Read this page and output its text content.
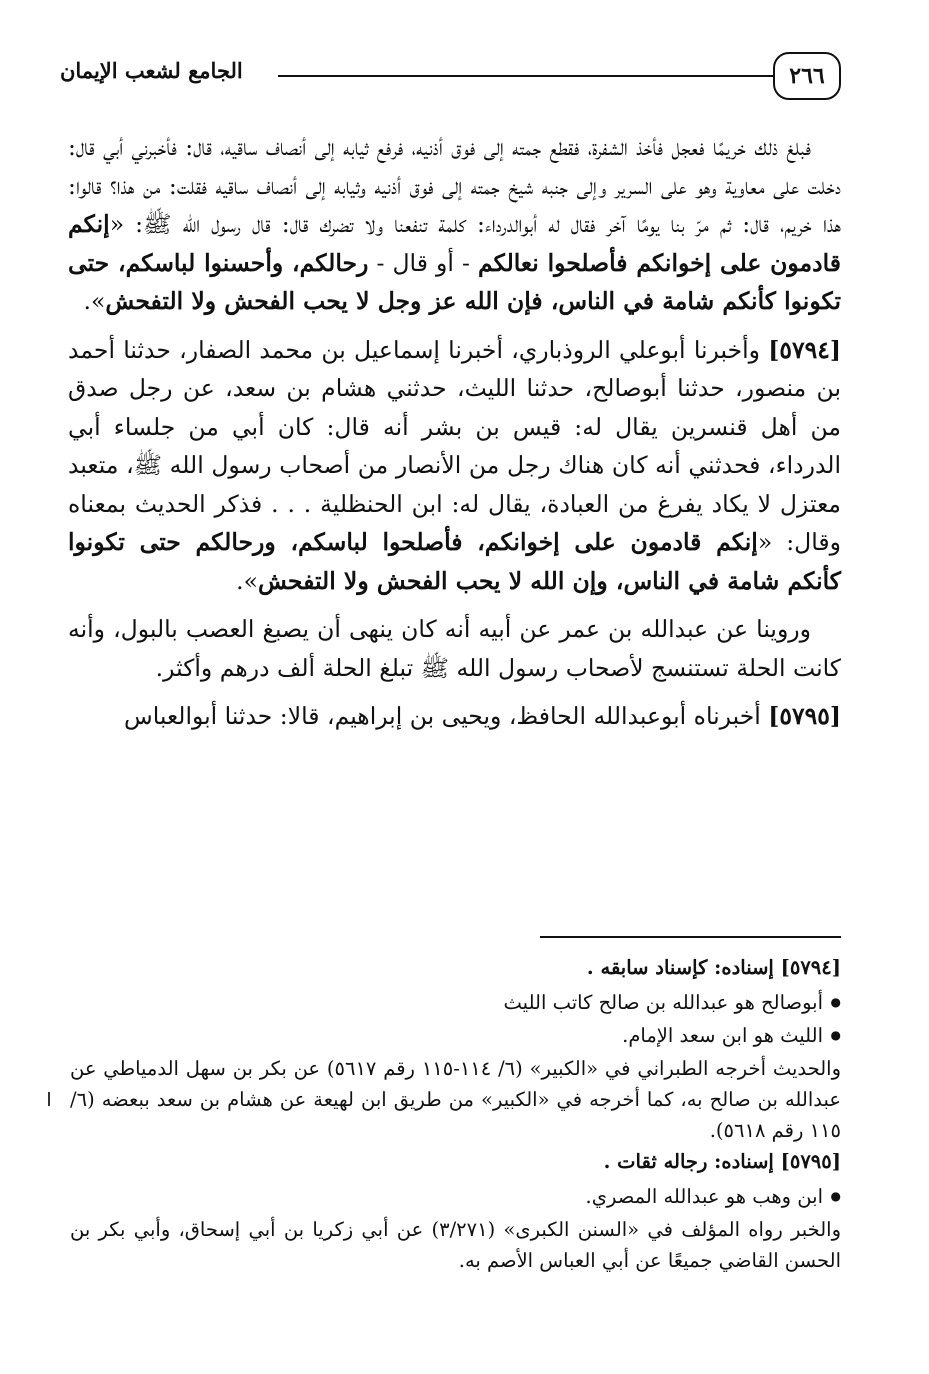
٢٦٦
الجامع لشعب الإيمان

فبلغ ذلك خريمًا فعجل فأخذ الشفرة، فقطع جمته إلى فوق أذنيه، فرفع ثيابه إلى أنصاف ساقيه، قال: فأخبرني أبي قال: دخلت على معاوية وهو على السرير وإلى جنبه شيخ جمته إلى فوق أذنيه وثيابه إلى أنصاف ساقيه فقلت: من هذا؟ قالوا: هذا خريم، قال: ثم مرّ بنا يومًا آخر فقال له أبوالدرداء: كلمة تنفعنا ولا تضرك قال: قال رسول الله ﷺ: «إنكم قادمون على إخوانكم فأصلحوا نعالكم - أو قال - رحالكم، وأحسنوا لباسكم، حتى تكونوا كأنكم شامة في الناس، فإن الله عز وجل لا يحب الفحش ولا التفحش».

[٥٧٩٤] وأخبرنا أبوعلي الروذباري، أخبرنا إسماعيل بن محمد الصفار، حدثنا أحمد بن منصور، حدثنا أبوصالح، حدثنا الليث، حدثني هشام بن سعد، عن رجل صدق من أهل قنسرين يقال له: قيس بن بشر أنه قال: كان أبي من جلساء أبي الدرداء، فحدثني أنه كان هناك رجل من الأنصار من أصحاب رسول الله ﷺ، متعبد معتزل لا يكاد يفرغ من العبادة، يقال له: ابن الحنظلية . . . فذكر الحديث بمعناه وقال: «إنكم قادمون على إخوانكم، فأصلحوا لباسكم، ورحالكم حتى تكونوا كأنكم شامة في الناس، وإن الله لا يحب الفحش ولا التفحش».

وروينا عن عبدالله بن عمر عن أبيه أنه كان ينهى أن يصبغ العصب بالبول، وأنه كانت الحلة تستنسج لأصحاب رسول الله ﷺ تبلغ الحلة ألف درهم وأكثر.

[٥٧٩٥] أخبرناه أبوعبدالله الحافظ، ويحيى بن إبراهيم، قالا: حدثنا أبوالعباس

[٥٧٩٤] إسناده: كإسناد سابقه .

● أبوصالح هو عبدالله بن صالح كاتب الليث

● الليث هو ابن سعد الإمام.

والحديث أخرجه الطبراني في «الكبير» (٦/ ١١٤-١١٥ رقم ٥٦١٧) عن بكر بن سهل الدمياطي عن عبدالله بن صالح به، كما أخرجه في «الكبير» من طريق ابن لهيعة عن هشام بن سعد ببعضه (٦/ ١١٥ رقم ٥٦١٨).

[٥٧٩٥] إسناده: رجاله ثقات .

● ابن وهب هو عبدالله المصري.

والخبر رواه المؤلف في «السنن الكبرى» (٣/٢٧١) عن أبي زكريا بن أبي إسحاق، وأبي بكر بن الحسن القاضي جميعًا عن أبي العباس الأصم به.
